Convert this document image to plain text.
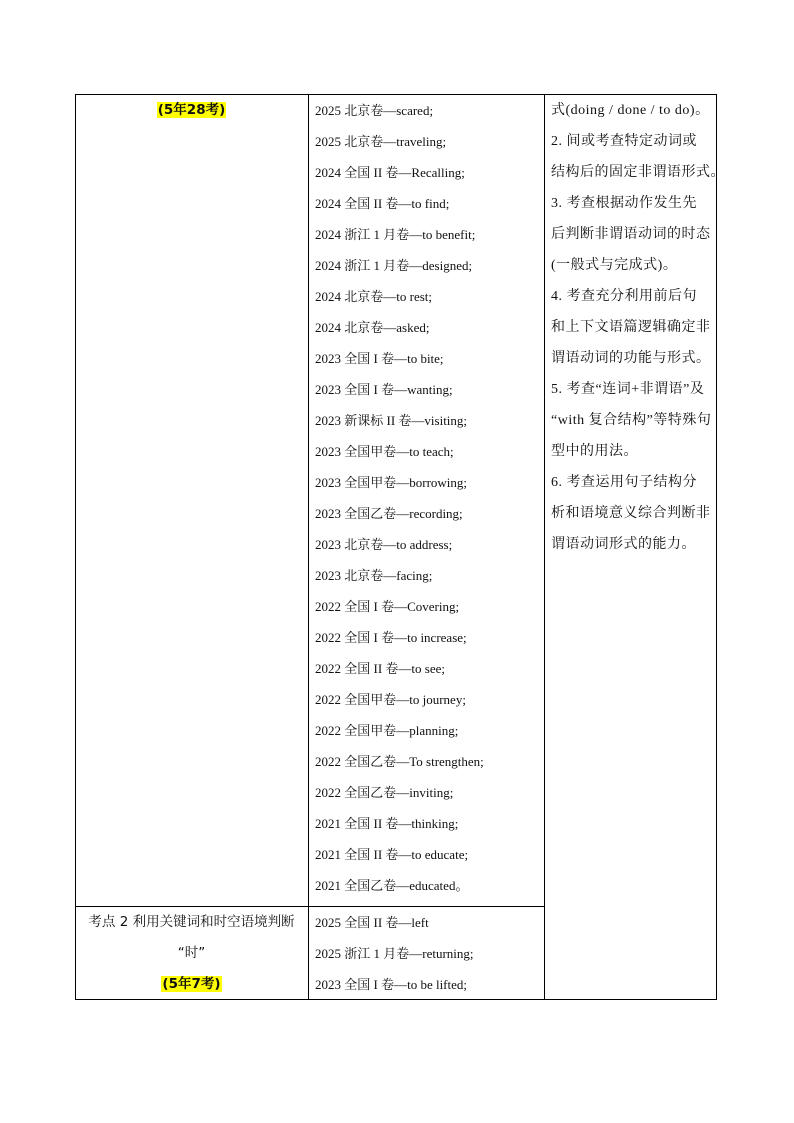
(5年28考)	2025 北京卷—scared;
2025 北京卷—traveling;
2024 全国 II 卷—Recalling;
2024 全国 II 卷—to find;
2024 浙江 1 月卷—to benefit;
2024 浙江 1 月卷—designed;
2024 北京卷—to rest;
2024 北京卷—asked;
2023 全国 I 卷—to bite;
2023 全国 I 卷—wanting;
2023 新课标 II 卷—visiting;
2023 全国甲卷—to teach;
2023 全国甲卷—borrowing;
2023 全国乙卷—recording;
2023 北京卷—to address;
2023 北京卷—facing;
2022 全国 I 卷—Covering;
2022 全国 I 卷—to increase;
2022 全国 II 卷—to see;
2022 全国甲卷—to journey;
2022 全国甲卷—planning;
2022 全国乙卷—To strengthen;
2022 全国乙卷—inviting;
2021 全国 II 卷—thinking;
2021 全国 II 卷—to educate;
2021 全国乙卷—educated。
式(doing / done / to do)。
2. 间或考查特定动词或
结构后的固定非谓语形式。
3. 考查根据动作发生先
后判断非谓语动词的时态
(一般式与完成式)。
4. 考查充分利用前后句
和上下文语篇逻辑确定非
谓语动词的功能与形式。
5. 考查“连词+非谓语”及
“with 复合结构”等特殊句
型中的用法。
6. 考查运用句子结构分
析和语境意义综合判断非
谓语动词形式的能力。
考点 2 利用关键词和时空语境判断
“时”
(5年7考)
2025 全国 II 卷—left
2025 浙江 1 月卷—returning;
2023 全国 I 卷—to be lifted;
